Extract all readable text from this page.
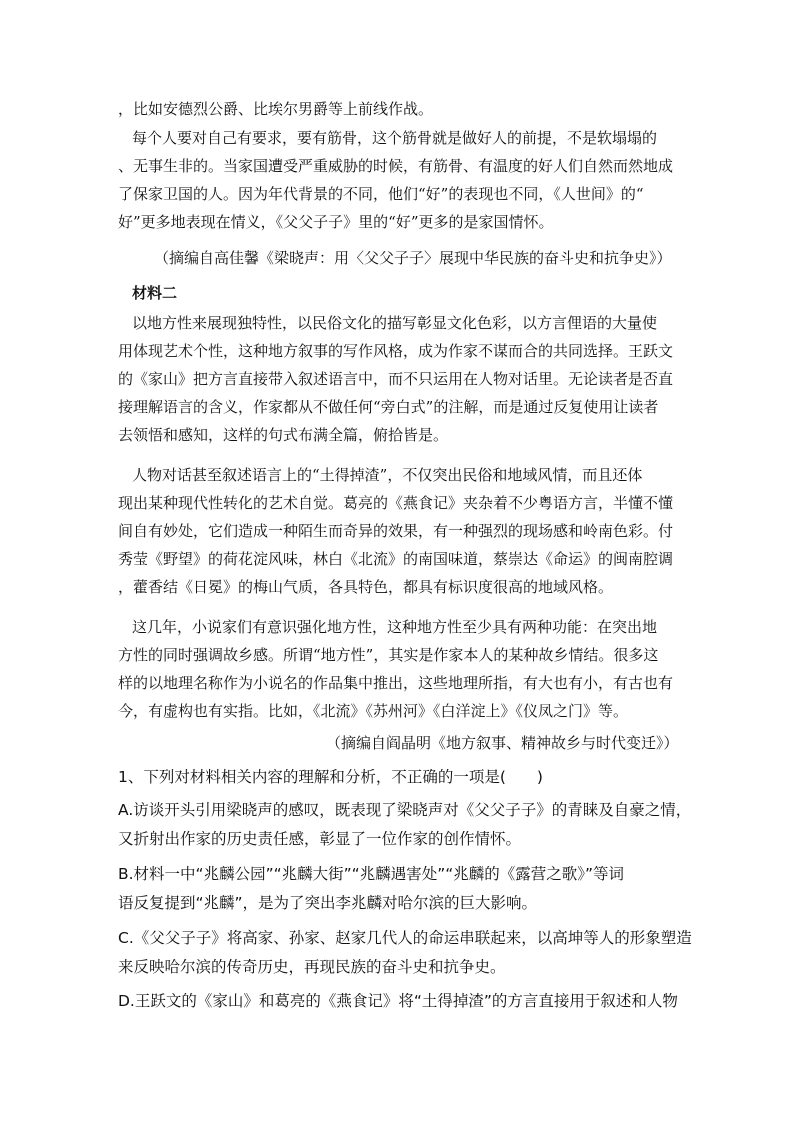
，比如安德烈公爵、比埃尔男爵等上前线作战。
每个人要对自己有要求，要有筋骨，这个筋骨就是做好人的前提，不是软塌塌的
、无事生非的。当家国遭受严重威胁的时候，有筋骨、有温度的好人们自然而然地成
了保家卫国的人。因为年代背景的不同，他们“好”的表现也不同，《人世间》的“
好”更多地表现在情义，《父父子子》里的“好”更多的是家国情怀。
（摘编自高佳馨《梁晓声：用〈父父子子〉展现中华民族的奋斗史和抗争史》）
材料二
以地方性来展现独特性，以民俗文化的描写彰显文化色彩，以方言俚语的大量使
用体现艺术个性，这种地方叙事的写作风格，成为作家不谋而合的共同选择。王跃文
的《家山》把方言直接带入叙述语言中，而不只运用在人物对话里。无论读者是否直
接理解语言的含义，作家都从不做任何“旁白式”的注解，而是通过反复使用让读者
去领悟和感知，这样的句式布满全篇，俯拾皆是。
人物对话甚至叙述语言上的“土得掉渣”，不仅突出民俗和地域风情，而且还体
现出某种现代性转化的艺术自觉。葛亮的《燕食记》夹杂着不少粤语方言，半懂不懂
间自有妙处，它们造成一种陌生而奇异的效果，有一种强烈的现场感和岭南色彩。付
秀莹《野望》的荷花淀风味，林白《北流》的南国味道，蔡崇达《命运》的闽南腔调
，藿香结《日冕》的梅山气质，各具特色，都具有标识度很高的地域风格。
这几年，小说家们有意识强化地方性，这种地方性至少具有两种功能：在突出地
方性的同时强调故乡感。所谓“地方性”，其实是作家本人的某种故乡情结。很多这
样的以地理名称作为小说名的作品集中推出，这些地理所指，有大也有小，有古也有
今，有虚构也有实指。比如，《北流》《苏州河》《白洋淀上》《仪凤之门》等。
（摘编自阎晶明《地方叙事、精神故乡与时代变迁》）
1、下列对材料相关内容的理解和分析，不正确的一项是(　　)
A.访谈开头引用梁晓声的感叹，既表现了梁晓声对《父父子子》的青睐及自豪之情，
又折射出作家的历史责任感，彰显了一位作家的创作情怀。
B.材料一中“兆麟公园”“兆麟大街”“兆麟遇害处”“兆麟的《露营之歌》”等词
语反复提到“兆麟”，是为了突出李兆麟对哈尔滨的巨大影响。
C.《父父子子》将高家、孙家、赵家几代人的命运串联起来，以高坤等人的形象塑造
来反映哈尔滨的传奇历史，再现民族的奋斗史和抗争史。
D.王跃文的《家山》和葛亮的《燕食记》将“土得掉渣”的方言直接用于叙述和人物
